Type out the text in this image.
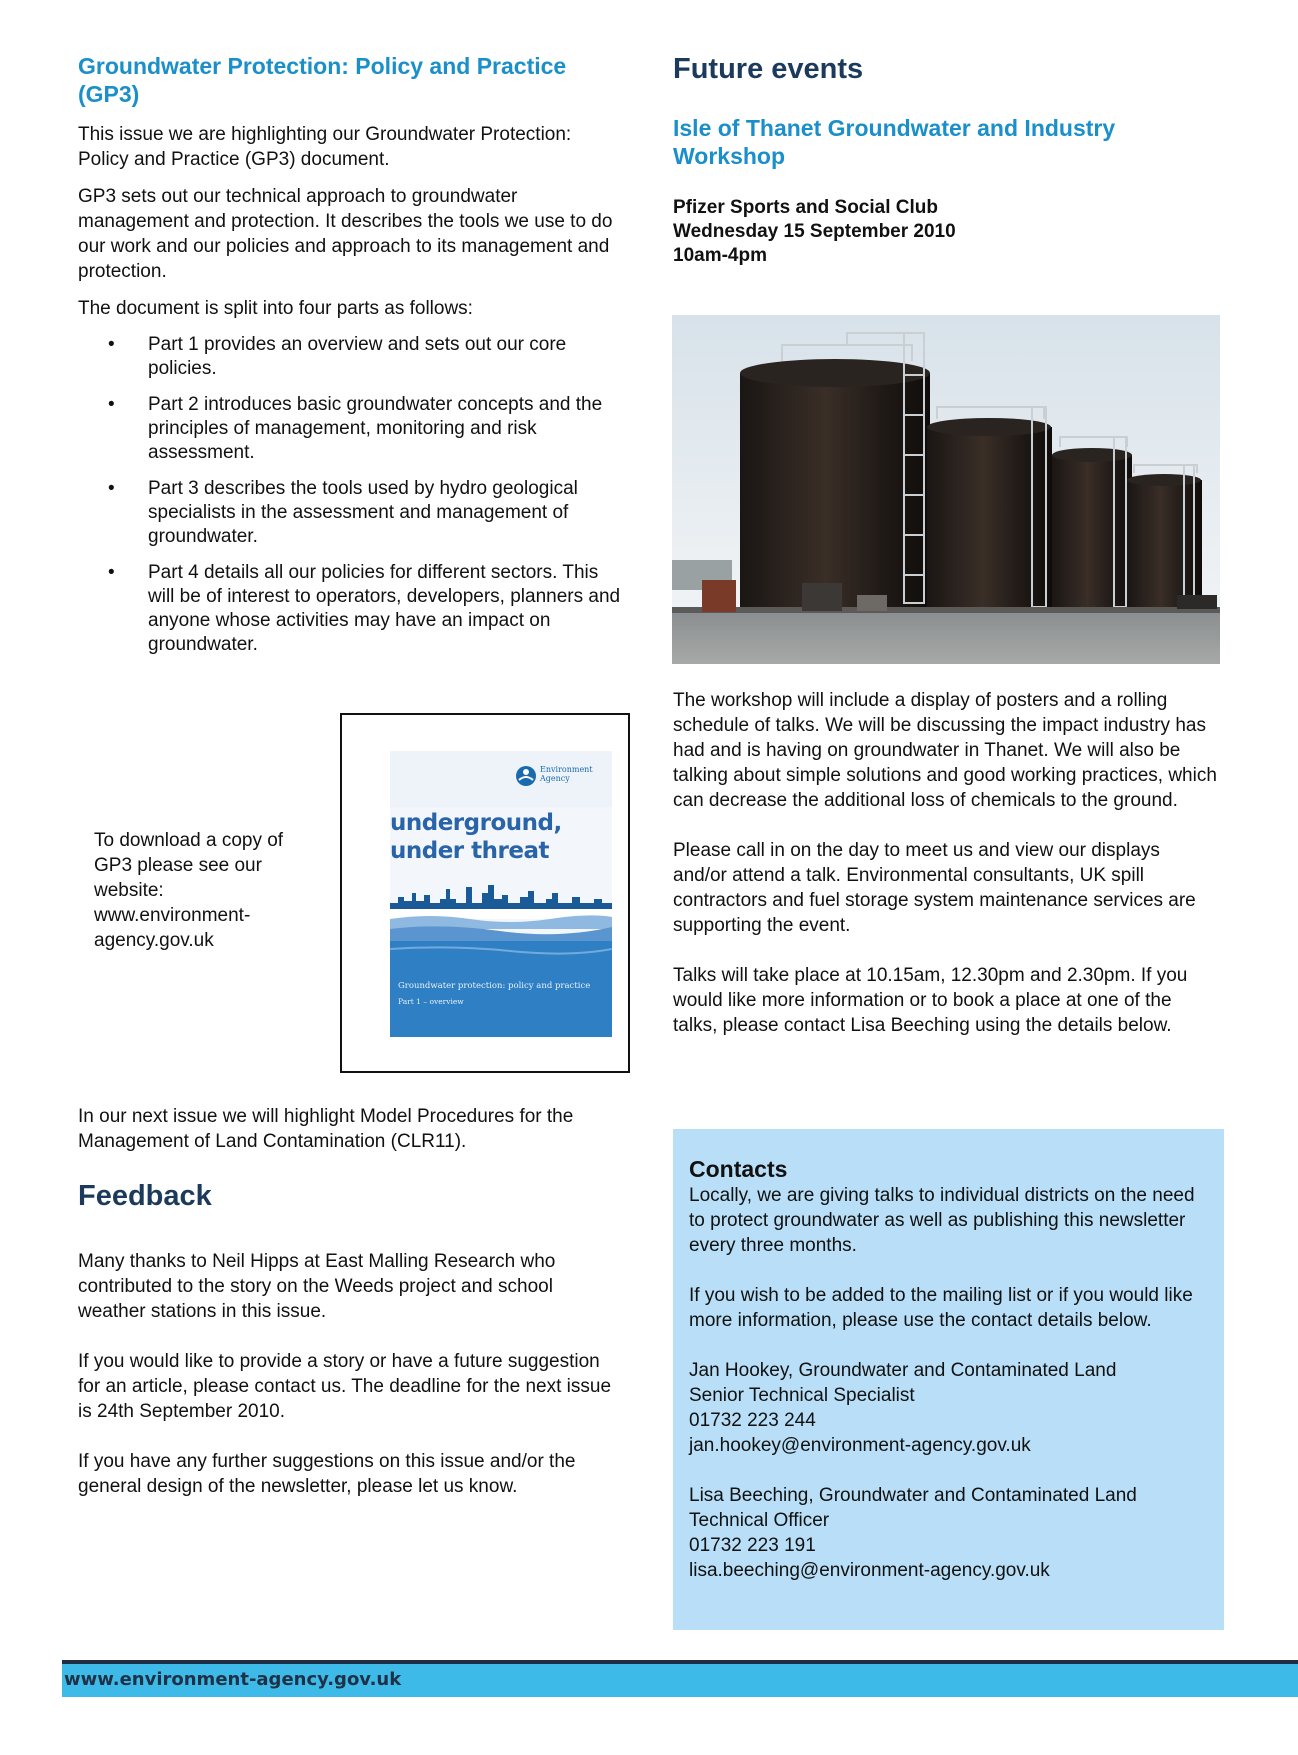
Groundwater Protection: Policy and Practice (GP3)

This issue we are highlighting our Groundwater Protection: Policy and Practice (GP3) document.

GP3 sets out our technical approach to groundwater management and protection. It describes the tools we use to do our work and our policies and approach to its management and protection.

The document is split into four parts as follows:

• Part 1 provides an overview and sets out our core policies.
• Part 2 introduces basic groundwater concepts and the principles of management, monitoring and risk assessment.
• Part 3 describes the tools used by hydro geological specialists in the assessment and management of groundwater.
• Part 4 details all our policies for different sectors. This will be of interest to operators, developers, planners and anyone whose activities may have an impact on groundwater.
To download a copy of GP3 please see our website: www.environment-agency.gov.uk
Environment
Agency
underground,
under threat
Groundwater protection: policy and practice
Part 1 – overview
In our next issue we will highlight Model Procedures for the Management of Land Contamination (CLR11).
Feedback

Many thanks to Neil Hipps at East Malling Research who contributed to the story on the Weeds project and school weather stations in this issue.

If you would like to provide a story or have a future suggestion for an article, please contact us. The deadline for the next issue is 24th September 2010.

If you have any further suggestions on this issue and/or the general design of the newsletter, please let us know.

Future events
Isle of Thanet Groundwater and Industry Workshop
Pfizer Sports and Social Club
Wednesday 15 September 2010
10am-4pm

The workshop will include a display of posters and a rolling schedule of talks. We will be discussing the impact industry has had and is having on groundwater in Thanet. We will also be talking about simple solutions and good working practices, which can decrease the additional loss of chemicals to the ground.

Please call in on the day to meet us and view our displays and/or attend a talk. Environmental consultants, UK spill contractors and fuel storage system maintenance services are supporting the event.

Talks will take place at 10.15am, 12.30pm and 2.30pm. If you would like more information or to book a place at one of the talks, please contact Lisa Beeching using the details below.

Contacts

Locally, we are giving talks to individual districts on the need to protect groundwater as well as publishing this newsletter every three months.

If you wish to be added to the mailing list or if you would like more information, please use the contact details below.

Jan Hookey, Groundwater and Contaminated Land
Senior Technical Specialist
01732 223 244
jan.hookey@environment-agency.gov.uk
Lisa Beeching, Groundwater and Contaminated Land
Technical Officer
01732 223 191
lisa.beeching@environment-agency.gov.uk
www.environment-agency.gov.uk
